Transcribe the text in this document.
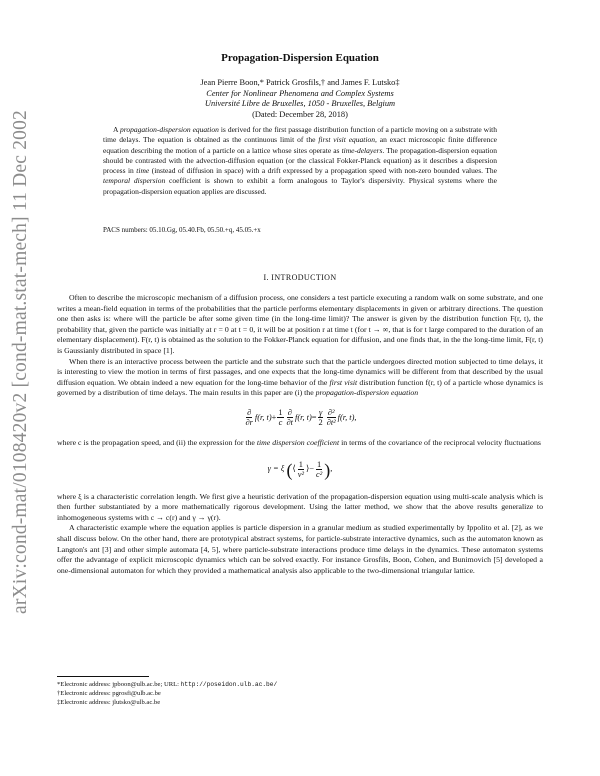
arXiv:cond-mat/0108420v2 [cond-mat.stat-mech] 11 Dec 2002
Propagation-Dispersion Equation
Jean Pierre Boon,* Patrick Grosfils,† and James F. Lutsko‡
Center for Nonlinear Phenomena and Complex Systems
Université Libre de Bruxelles, 1050 - Bruxelles, Belgium
(Dated: December 28, 2018)
A propagation-dispersion equation is derived for the first passage distribution function of a particle moving on a substrate with time delays. The equation is obtained as the continuous limit of the first visit equation, an exact microscopic finite difference equation describing the motion of a particle on a lattice whose sites operate as time-delayers. The propagation-dispersion equation should be contrasted with the advection-diffusion equation (or the classical Fokker-Planck equation) as it describes a dispersion process in time (instead of diffusion in space) with a drift expressed by a propagation speed with non-zero bounded values. The temporal dispersion coefficient is shown to exhibit a form analogous to Taylor's dispersivity. Physical systems where the propagation-dispersion equation applies are discussed.
PACS numbers: 05.10.Gg, 05.40.Fb, 05.50.+q, 45.05.+x
I. INTRODUCTION

Often to describe the microscopic mechanism of a diffusion process, one considers a test particle executing a random walk on some substrate, and one writes a mean-field equation in terms of the probabilities that the particle performs elementary displacements in given or arbitrary directions. The question one then asks is: where will the particle be after some given time (in the long-time limit)? The answer is given by the distribution function F(r, t), the probability that, given the particle was initially at r = 0 at t = 0, it will be at position r at time t (for t → ∞, that is for t large compared to the duration of an elementary displacement). F(r, t) is obtained as the solution to the Fokker-Planck equation for diffusion, and one finds that, in the the long-time limit, F(r, t) is Gaussianly distributed in space [1].

When there is an interactive process between the particle and the substrate such that the particle undergoes directed motion subjected to time delays, it is interesting to view the motion in terms of first passages, and one expects that the long-time dynamics will be different from that described by the usual diffusion equation. We obtain indeed a new equation for the long-time behavior of the first visit distribution function f(r, t) of a particle whose dynamics is governed by a distribution of time delays. The main results in this paper are (i) the propagation-dispersion equation

$\frac{\partial}{\partial r} f(r$, $t) + \frac{1}{c} \frac{\partial}{\partial t} f(r$, $t) = \frac{\gamma}{2} \frac{\text{∂²}}{\text{∂t²}} f(r$, t) ,

where c is the propagation speed, and (ii) the expression for the time dispersion coefficient in terms of the covariance of the reciprocal velocity fluctuations

γ = ξ
( ⟨ $\frac{1}{\text{v²}}$ ⟩ − $\frac{1}{\text{c²}}$ ) ,

where ξ is a characteristic correlation length. We first give a heuristic derivation of the propagation-dispersion equation using multi-scale analysis which is then further substantiated by a more mathematically rigorous development. Using the latter method, we show that the above results generalize to inhomogeneous systems with c → c(r) and γ → γ(r).

A characteristic example where the equation applies is particle dispersion in a granular medium as studied experimentally by Ippolito et al. [2], as we shall discuss below. On the other hand, there are prototypical abstract systems, for particle-substrate interactive dynamics, such as the automaton known as Langton's ant [3] and other simple automata [4, 5], where particle-substrate interactions produce time delays in the dynamics. These automaton systems offer the advantage of explicit microscopic dynamics which can be solved exactly. For instance Grosfils, Boon, Cohen, and Bunimovich [5] developed a one-dimensional automaton for which they provided a mathematical analysis also applicable to the two-dimensional triangular lattice.

*Electronic address: jpboon@ulb.ac.be; URL: http://poseidon.ulb.ac.be/
†Electronic address: pgrosfi@ulb.ac.be
‡Electronic address: jlutsko@ulb.ac.be
